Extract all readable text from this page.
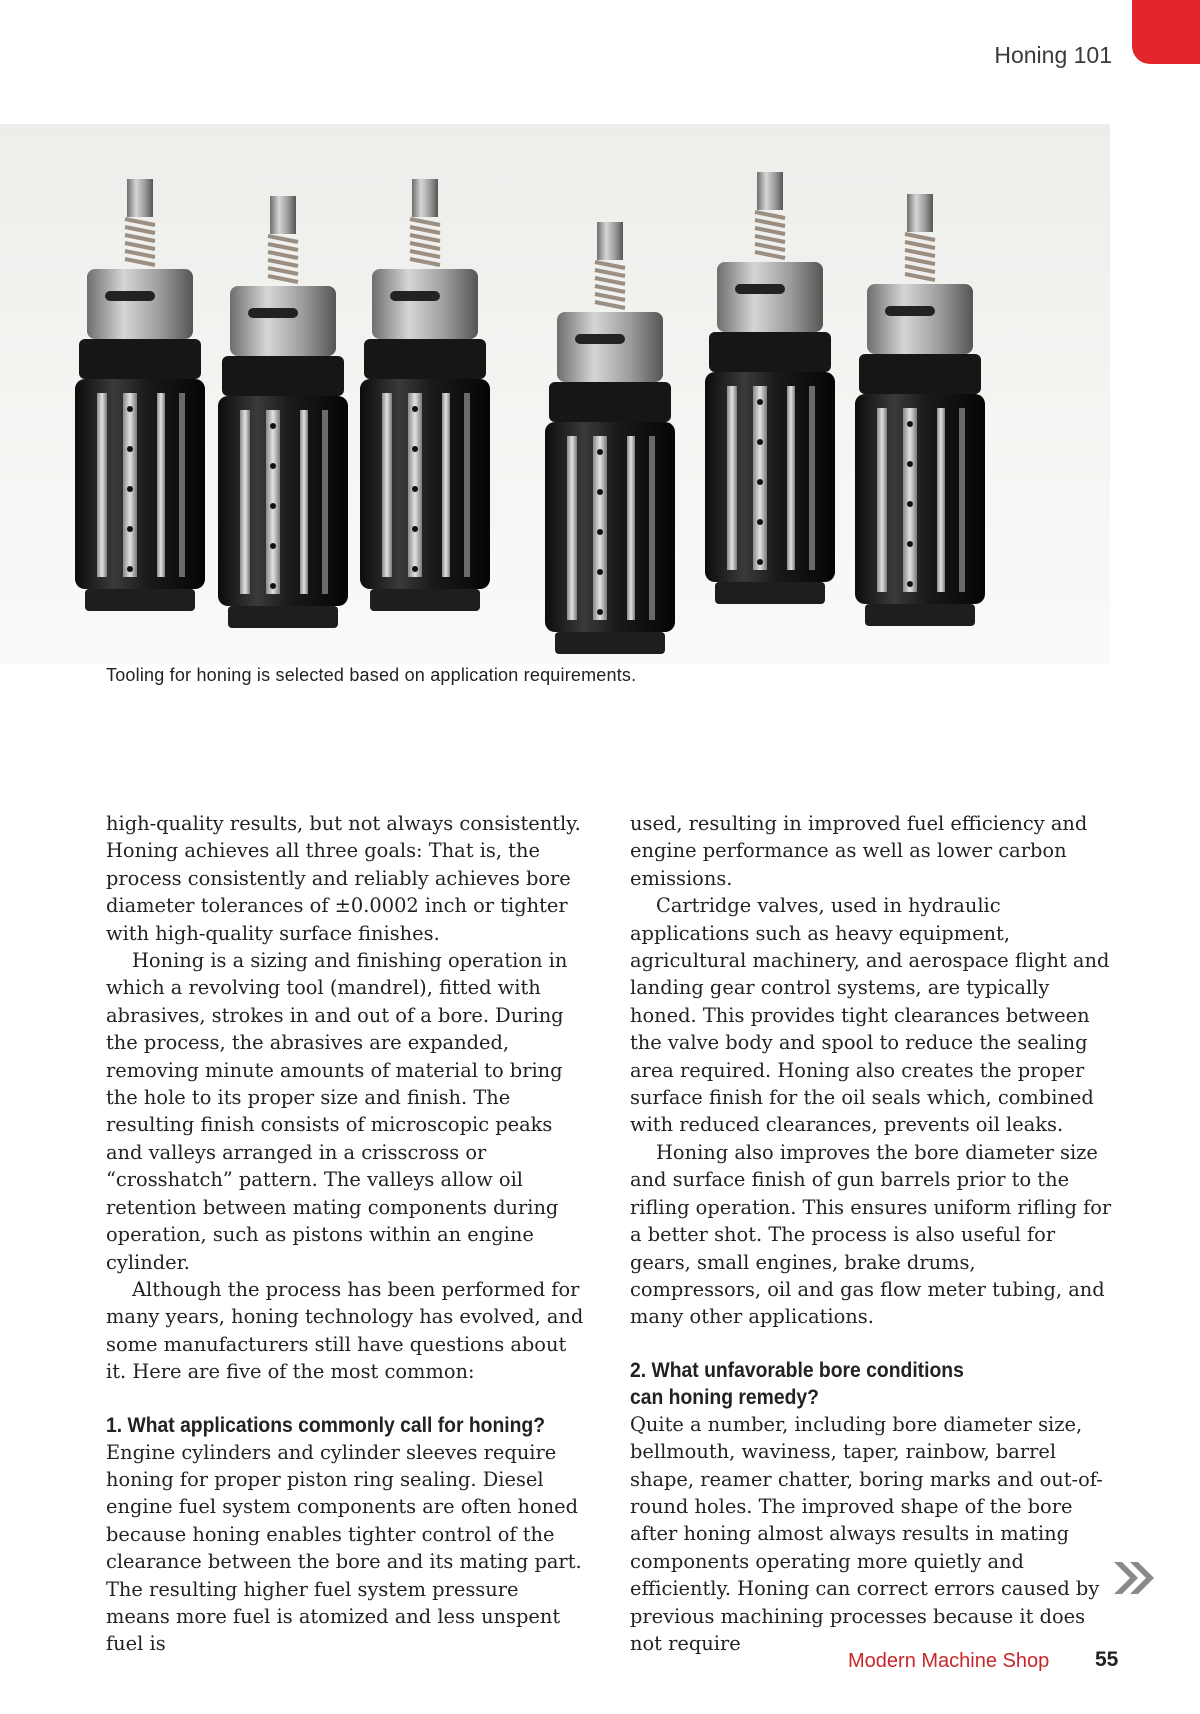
Honing 101
Tooling for honing is selected based on application requirements.

high-quality results, but not always consistently. Honing achieves all three goals: That is, the process consistently and reliably achieves bore diameter tolerances of ±0.0002 inch or tighter with high-quality surface finishes.

Honing is a sizing and finishing operation in which a revolving tool (mandrel), fitted with abrasives, strokes in and out of a bore. During the process, the abrasives are expanded, removing minute amounts of material to bring the hole to its proper size and finish. The resulting finish consists of microscopic peaks and valleys arranged in a crisscross or “crosshatch” pattern. The valleys allow oil retention between mating components during operation, such as pistons within an engine cylinder.

Although the process has been performed for many years, honing technology has evolved, and some manufacturers still have questions about it. Here are five of the most common:

1. What applications commonly call for honing?

Engine cylinders and cylinder sleeves require honing for proper piston ring sealing. Diesel engine fuel system components are often honed because honing enables tighter control of the clearance between the bore and its mating part. The resulting higher fuel system pressure means more fuel is atomized and less unspent fuel is

used, resulting in improved fuel efficiency and engine performance as well as lower carbon emissions.

Cartridge valves, used in hydraulic applications such as heavy equipment, agricultural machinery, and aerospace flight and landing gear control systems, are typically honed. This provides tight clearances between the valve body and spool to reduce the sealing area required. Honing also creates the proper surface finish for the oil seals which, combined with reduced clearances, prevents oil leaks.

Honing also improves the bore diameter size and surface finish of gun barrels prior to the rifling operation. This ensures uniform rifling for a better shot. The process is also useful for gears, small engines, brake drums, compressors, oil and gas flow meter tubing, and many other applications.

2. What unfavorable bore conditions
can honing remedy?

Quite a number, including bore diameter size, bellmouth, waviness, taper, rainbow, barrel shape, reamer chatter, boring marks and out-of-round holes. The improved shape of the bore after honing almost always results in mating components operating more quietly and efficiently. Honing can correct errors caused by previous machining processes because it does not require

Modern Machine Shop 55
